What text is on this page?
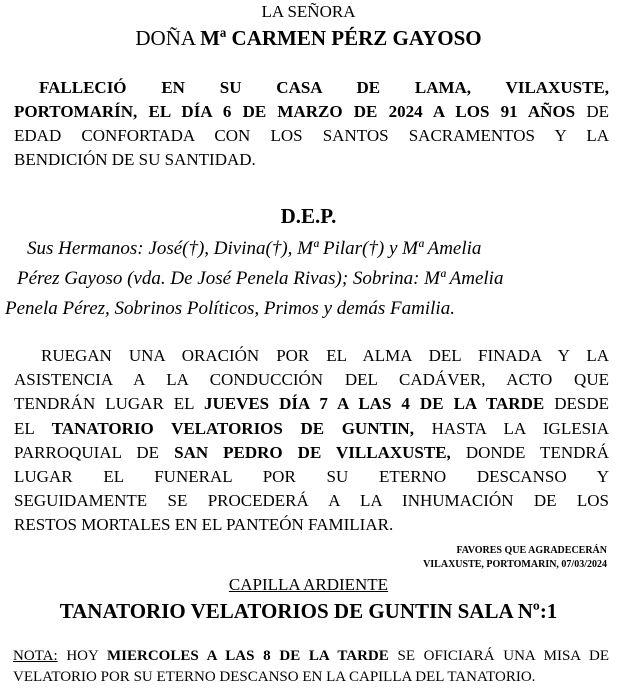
LA SEÑORA
DOÑA Mª CARMEN PÉRZ GAYOSO
FALLECIÓ EN SU CASA DE LAMA, VILAXUSTE,
PORTOMARÍN, EL DÍA 6 DE MARZO DE 2024 A LOS 91 AÑOS DE
EDAD CONFORTADA CON LOS SANTOS SACRAMENTOS Y LA
BENDICIÓN DE SU SANTIDAD.
D.E.P.
Sus Hermanos: José(†), Divina(†), Mª Pilar(†) y Mª Amelia
Pérez Gayoso (vda. De José Penela Rivas); Sobrina: Mª Amelia
Penela Pérez, Sobrinos Políticos, Primos y demás Familia.
RUEGAN UNA ORACIÓN POR EL ALMA DEL FINADA Y LA
ASISTENCIA A LA CONDUCCIÓN DEL CADÁVER, ACTO QUE
TENDRÁN LUGAR EL JUEVES DÍA 7 A LAS 4 DE LA TARDE DESDE
EL TANATORIO VELATORIOS DE GUNTIN, HASTA LA IGLESIA
PARROQUIAL DE SAN PEDRO DE VILLAXUSTE, DONDE TENDRÁ
LUGAR EL FUNERAL POR SU ETERNO DESCANSO Y
SEGUIDAMENTE SE PROCEDERÁ A LA INHUMACIÓN DE LOS
RESTOS MORTALES EN EL PANTEÓN FAMILIAR.
FAVORES QUE AGRADECERÁN
VILAXUSTE, PORTOMARIN, 07/03/2024
CAPILLA ARDIENTE
TANATORIO VELATORIOS DE GUNTIN SALA Nº:1
NOTA: HOY MIERCOLES A LAS 8 DE LA TARDE SE OFICIARÁ UNA MISA DE
VELATORIO POR SU ETERNO DESCANSO EN LA CAPILLA DEL TANATORIO.
